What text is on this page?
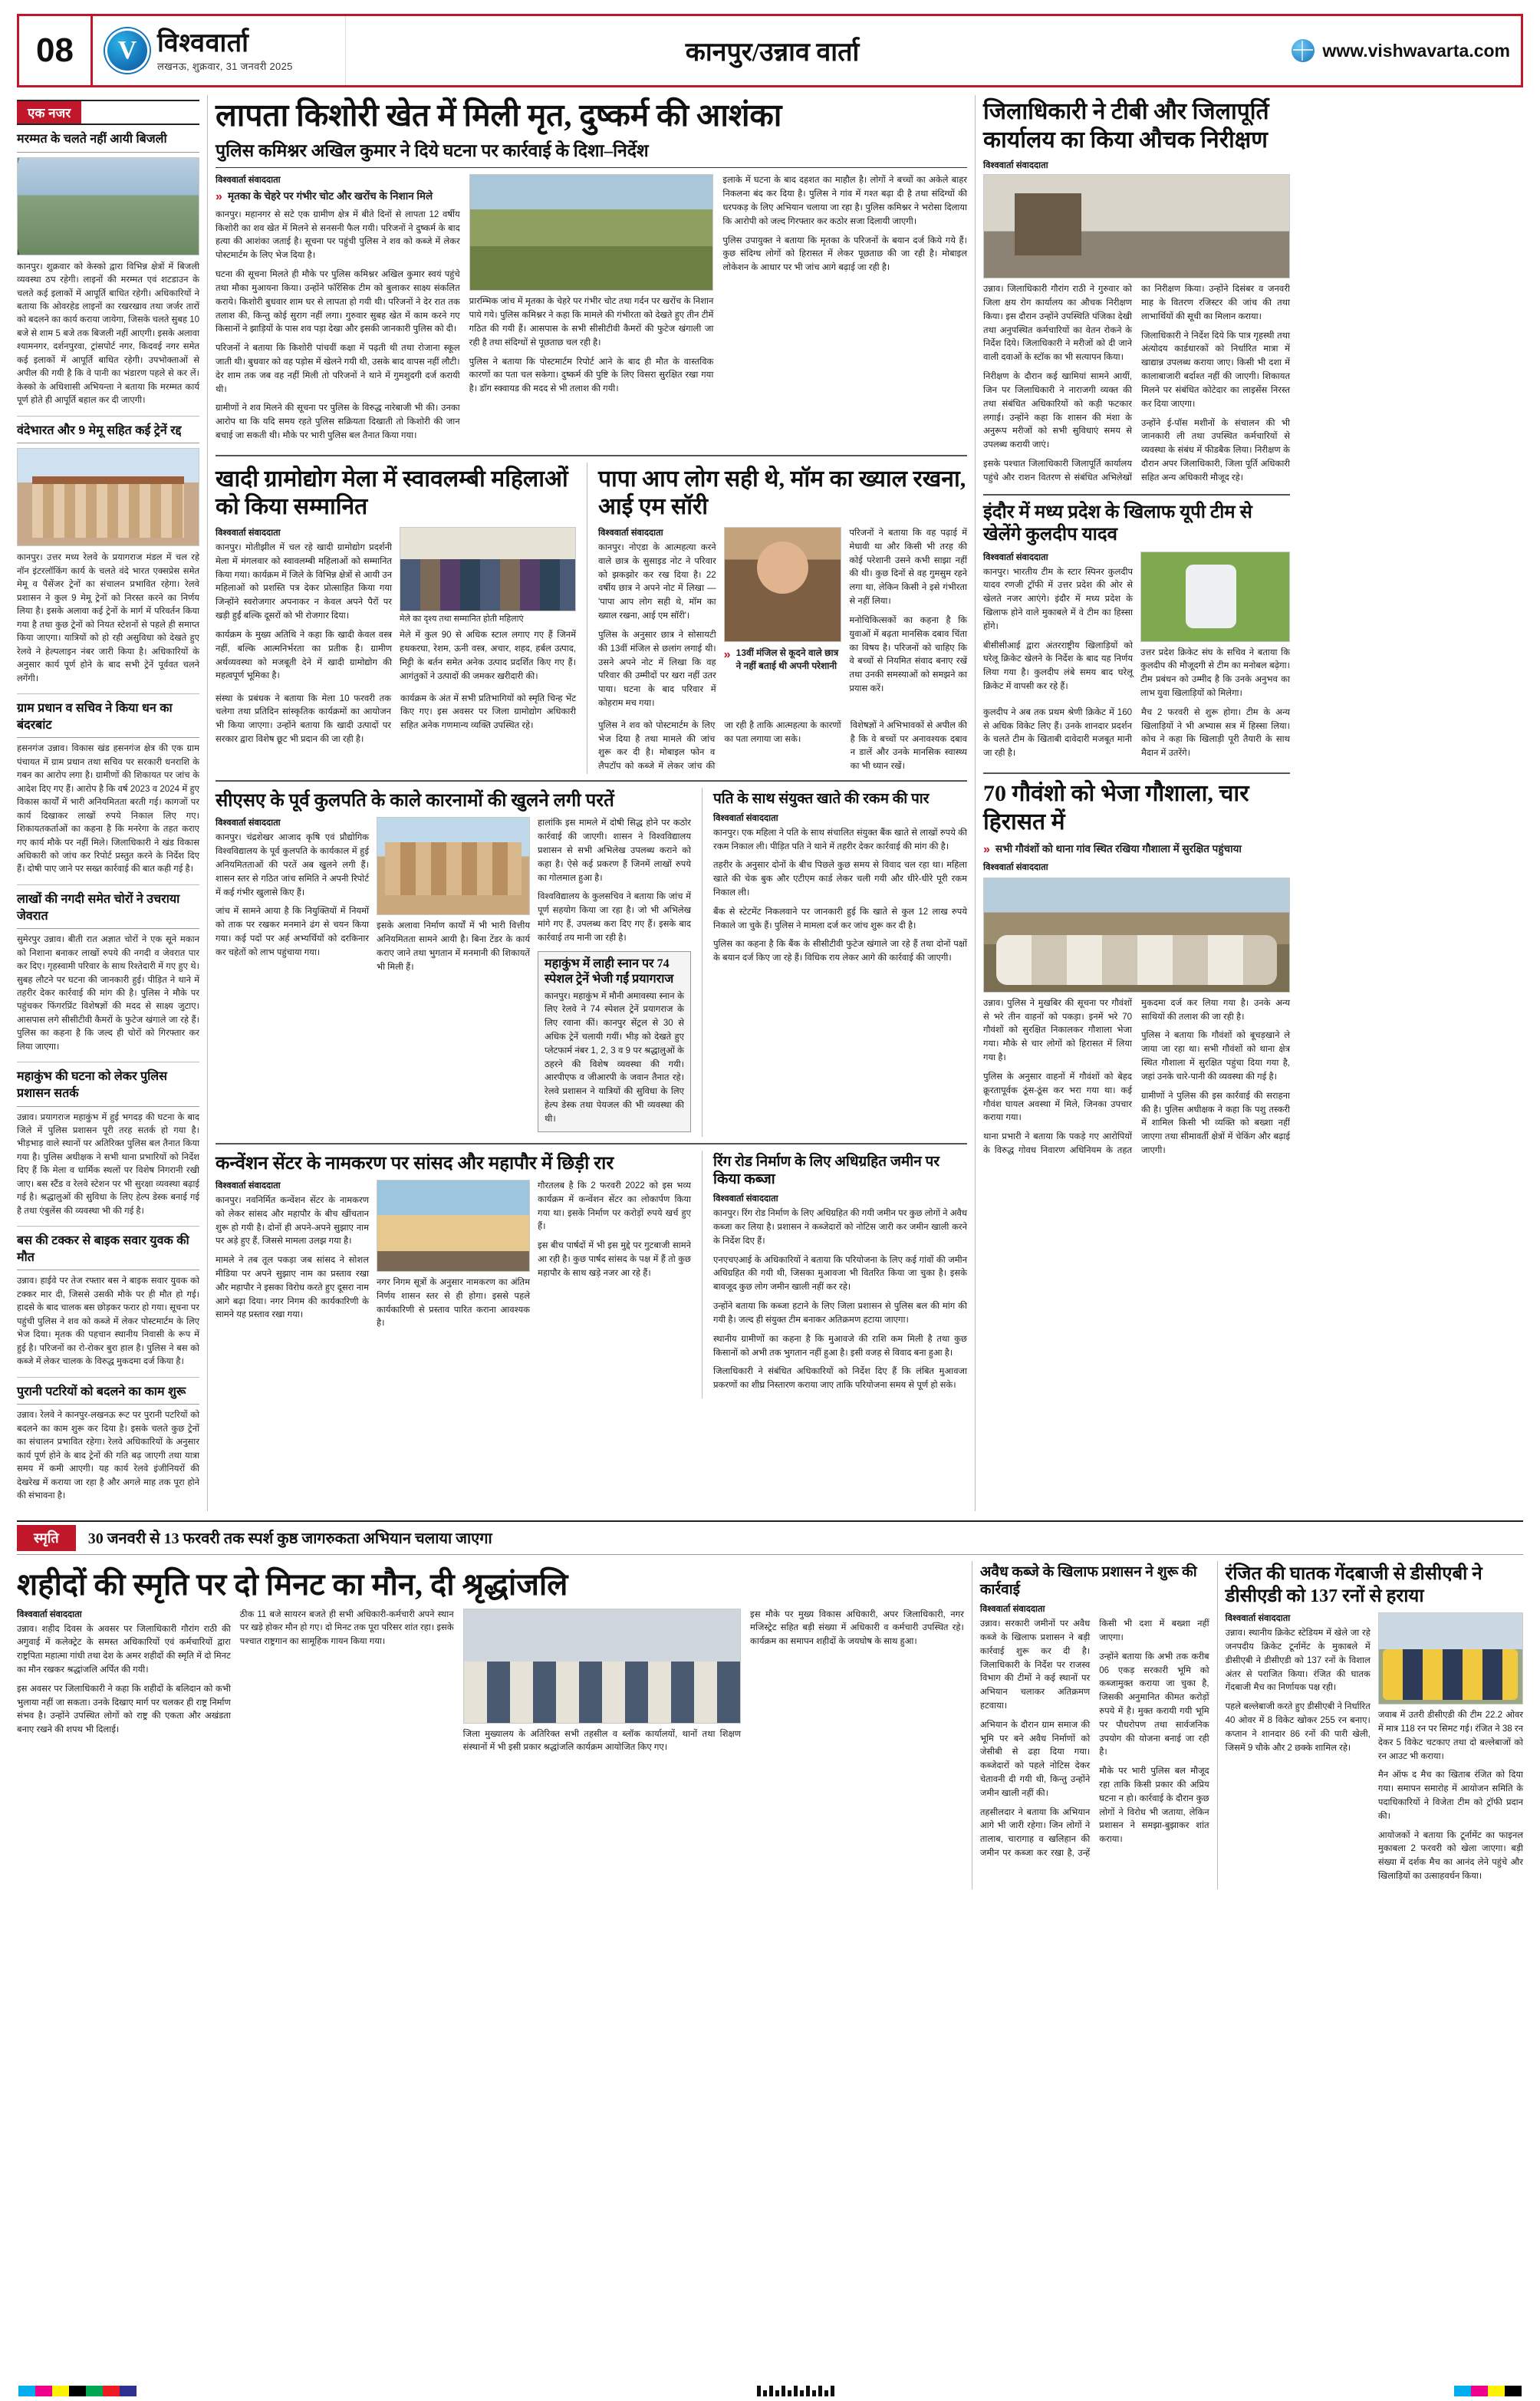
08 V	विश्ववार्ता
लखनऊ, शुक्रवार, 31 जनवरी 2025	कानपुर/उन्नाव वार्ता	www.vishwavarta.com
एक नजर
मरम्मत के चलते नहीं आयी बिजली
कानपुर। शुक्रवार को केस्को द्वारा विभिन्न क्षेत्रों में बिजली व्यवस्था ठप रहेगी। लाइनों की मरम्मत एवं शटडाउन के चलते कई इलाकों में आपूर्ति बाधित रहेगी। अधिकारियों ने बताया कि ओवरहेड लाइनों का रखरखाव तथा जर्जर तारों को बदलने का कार्य कराया जायेगा, जिसके चलते सुबह 10 बजे से शाम 5 बजे तक बिजली नहीं आएगी। इसके अलावा श्यामनगर, दर्शनपुरवा, ट्रांसपोर्ट नगर, किदवई नगर समेत कई इलाकों में आपूर्ति बाधित रहेगी। उपभोक्ताओं से अपील की गयी है कि वे पानी का भंडारण पहले से कर लें। केस्को के अधिशासी अभियन्ता ने बताया कि मरम्मत कार्य पूर्ण होते ही आपूर्ति बहाल कर दी जाएगी।
वंदेभारत और 9 मेमू सहित कई ट्रेनें रद्द
कानपुर। उत्तर मध्य रेलवे के प्रयागराज मंडल में चल रहे नॉन इंटरलॉकिंग कार्य के चलते वंदे भारत एक्सप्रेस समेत मेमू व पैसेंजर ट्रेनों का संचालन प्रभावित रहेगा। रेलवे प्रशासन ने कुल 9 मेमू ट्रेनों को निरस्त करने का निर्णय लिया है। इसके अलावा कई ट्रेनों के मार्ग में परिवर्तन किया गया है तथा कुछ ट्रेनों को नियत स्टेशनों से पहले ही समाप्त किया जाएगा। यात्रियों को हो रही असुविधा को देखते हुए रेलवे ने हेल्पलाइन नंबर जारी किया है। अधिकारियों के अनुसार कार्य पूर्ण होने के बाद सभी ट्रेनें पूर्ववत चलने लगेंगी।
ग्राम प्रधान व सचिव ने किया धन का बंदरबांट
हसनगंज उन्नाव। विकास खंड हसनगंज क्षेत्र की एक ग्राम पंचायत में ग्राम प्रधान तथा सचिव पर सरकारी धनराशि के गबन का आरोप लगा है। ग्रामीणों की शिकायत पर जांच के आदेश दिए गए हैं। आरोप है कि वर्ष 2023 व 2024 में हुए विकास कार्यों में भारी अनियमितता बरती गई। कागजों पर कार्य दिखाकर लाखों रुपये निकाल लिए गए। शिकायतकर्ताओं का कहना है कि मनरेगा के तहत कराए गए कार्य मौके पर नहीं मिले। जिलाधिकारी ने खंड विकास अधिकारी को जांच कर रिपोर्ट प्रस्तुत करने के निर्देश दिए हैं। दोषी पाए जाने पर सख्त कार्रवाई की बात कही गई है।
लाखों की नगदी समेत चोरों ने उचराया जेवरात
सुमेरपुर उन्नाव। बीती रात अज्ञात चोरों ने एक सूने मकान को निशाना बनाकर लाखों रुपये की नगदी व जेवरात पार कर दिए। गृहस्वामी परिवार के साथ रिश्तेदारी में गए हुए थे। सुबह लौटने पर घटना की जानकारी हुई। पीड़ित ने थाने में तहरीर देकर कार्रवाई की मांग की है। पुलिस ने मौके पर पहुंचकर फिंगरप्रिंट विशेषज्ञों की मदद से साक्ष्य जुटाए। आसपास लगे सीसीटीवी कैमरों के फुटेज खंगाले जा रहे हैं। पुलिस का कहना है कि जल्द ही चोरों को गिरफ्तार कर लिया जाएगा।
महाकुंभ की घटना को लेकर पुलिस प्रशासन सतर्क
उन्नाव। प्रयागराज महाकुंभ में हुई भगदड़ की घटना के बाद जिले में पुलिस प्रशासन पूरी तरह सतर्क हो गया है। भीड़भाड़ वाले स्थानों पर अतिरिक्त पुलिस बल तैनात किया गया है। पुलिस अधीक्षक ने सभी थाना प्रभारियों को निर्देश दिए हैं कि मेला व धार्मिक स्थलों पर विशेष निगरानी रखी जाए। बस स्टैंड व रेलवे स्टेशन पर भी सुरक्षा व्यवस्था बढ़ाई गई है। श्रद्धालुओं की सुविधा के लिए हेल्प डेस्क बनाई गई है तथा एंबुलेंस की व्यवस्था भी की गई है।
बस की टक्कर से बाइक सवार युवक की मौत
उन्नाव। हाईवे पर तेज रफ्तार बस ने बाइक सवार युवक को टक्कर मार दी, जिससे उसकी मौके पर ही मौत हो गई। हादसे के बाद चालक बस छोड़कर फरार हो गया। सूचना पर पहुंची पुलिस ने शव को कब्जे में लेकर पोस्टमार्टम के लिए भेज दिया। मृतक की पहचान स्थानीय निवासी के रूप में हुई है। परिजनों का रो-रोकर बुरा हाल है। पुलिस ने बस को कब्जे में लेकर चालक के विरुद्ध मुकदमा दर्ज किया है।
पुरानी पटरियों को बदलने का काम शुरू
उन्नाव। रेलवे ने कानपुर-लखनऊ रूट पर पुरानी पटरियों को बदलने का काम शुरू कर दिया है। इसके चलते कुछ ट्रेनों का संचालन प्रभावित रहेगा। रेलवे अधिकारियों के अनुसार कार्य पूर्ण होने के बाद ट्रेनों की गति बढ़ जाएगी तथा यात्रा समय में कमी आएगी। यह कार्य रेलवे इंजीनियरों की देखरेख में कराया जा रहा है और अगले माह तक पूरा होने की संभावना है।
लापता किशोरी खेत में मिली मृत, दुष्कर्म की आशंका
पुलिस कमिश्नर अखिल कुमार ने दिये घटना पर कार्रवाई के दिशा–निर्देश
विश्ववार्ता संवाददाता
» मृतका के चेहरे पर गंभीर चोट और खरोंच के निशान मिले

कानपुर। महानगर से सटे एक ग्रामीण क्षेत्र में बीते दिनों से लापता 12 वर्षीय किशोरी का शव खेत में मिलने से सनसनी फैल गयी। परिजनों ने दुष्कर्म के बाद हत्या की आशंका जताई है। सूचना पर पहुंची पुलिस ने शव को कब्जे में लेकर पोस्टमार्टम के लिए भेज दिया है।

घटना की सूचना मिलते ही मौके पर पुलिस कमिश्नर अखिल कुमार स्वयं पहुंचे तथा मौका मुआयना किया। उन्होंने फॉरेंसिक टीम को बुलाकर साक्ष्य संकलित कराये। किशोरी बुधवार शाम घर से लापता हो गयी थी। परिजनों ने देर रात तक तलाश की, किन्तु कोई सुराग नहीं लगा। गुरुवार सुबह खेत में काम करने गए किसानों ने झाड़ियों के पास शव पड़ा देखा और इसकी जानकारी पुलिस को दी।

परिजनों ने बताया कि किशोरी पांचवीं कक्षा में पढ़ती थी तथा रोजाना स्कूल जाती थी। बुधवार को वह पड़ोस में खेलने गयी थी, उसके बाद वापस नहीं लौटी। देर शाम तक जब वह नहीं मिली तो परिजनों ने थाने में गुमशुदगी दर्ज करायी थी।

ग्रामीणों ने शव मिलने की सूचना पर पुलिस के विरुद्ध नारेबाजी भी की। उनका आरोप था कि यदि समय रहते पुलिस सक्रियता दिखाती तो किशोरी की जान बचाई जा सकती थी। मौके पर भारी पुलिस बल तैनात किया गया।

प्रारम्भिक जांच में मृतका के चेहरे पर गंभीर चोट तथा गर्दन पर खरोंच के निशान पाये गये। पुलिस कमिश्नर ने कहा कि मामले की गंभीरता को देखते हुए तीन टीमें गठित की गयी हैं। आसपास के सभी सीसीटीवी कैमरों की फुटेज खंगाली जा रही है तथा संदिग्धों से पूछताछ चल रही है।

पुलिस ने बताया कि पोस्टमार्टम रिपोर्ट आने के बाद ही मौत के वास्तविक कारणों का पता चल सकेगा। दुष्कर्म की पुष्टि के लिए विसरा सुरक्षित रखा गया है। डॉग स्क्वायड की मदद से भी तलाश की गयी।

इलाके में घटना के बाद दहशत का माहौल है। लोगों ने बच्चों का अकेले बाहर निकलना बंद कर दिया है। पुलिस ने गांव में गश्त बढ़ा दी है तथा संदिग्धों की धरपकड़ के लिए अभियान चलाया जा रहा है। पुलिस कमिश्नर ने भरोसा दिलाया कि आरोपी को जल्द गिरफ्तार कर कठोर सजा दिलायी जाएगी।

पुलिस उपायुक्त ने बताया कि मृतका के परिजनों के बयान दर्ज किये गये हैं। कुछ संदिग्ध लोगों को हिरासत में लेकर पूछताछ की जा रही है। मोबाइल लोकेशन के आधार पर भी जांच आगे बढ़ाई जा रही है।

खादी ग्रामोद्योग मेला में स्वावलम्बी महिलाओं को किया सम्मानित
विश्ववार्ता संवाददाता

कानपुर। मोतीझील में चल रहे खादी ग्रामोद्योग प्रदर्शनी मेला में मंगलवार को स्वावलम्बी महिलाओं को सम्मानित किया गया। कार्यक्रम में जिले के विभिन्न क्षेत्रों से आयी उन महिलाओं को प्रशस्ति पत्र देकर प्रोत्साहित किया गया जिन्होंने स्वरोजगार अपनाकर न केवल अपने पैरों पर खड़ी हुईं बल्कि दूसरों को भी रोजगार दिया।

कार्यक्रम के मुख्य अतिथि ने कहा कि खादी केवल वस्त्र नहीं, बल्कि आत्मनिर्भरता का प्रतीक है। ग्रामीण अर्थव्यवस्था को मजबूती देने में खादी ग्रामोद्योग की महत्वपूर्ण भूमिका है।

मेले का दृश्य तथा सम्मानित होती महिलाएं

मेले में कुल 90 से अधिक स्टाल लगाए गए हैं जिनमें हथकरघा, रेशम, ऊनी वस्त्र, अचार, शहद, हर्बल उत्पाद, मिट्टी के बर्तन समेत अनेक उत्पाद प्रदर्शित किए गए हैं। आगंतुकों ने उत्पादों की जमकर खरीदारी की।

संस्था के प्रबंधक ने बताया कि मेला 10 फरवरी तक चलेगा तथा प्रतिदिन सांस्कृतिक कार्यक्रमों का आयोजन भी किया जाएगा। उन्होंने बताया कि खादी उत्पादों पर सरकार द्वारा विशेष छूट भी प्रदान की जा रही है।

कार्यक्रम के अंत में सभी प्रतिभागियों को स्मृति चिन्ह भेंट किए गए। इस अवसर पर जिला ग्रामोद्योग अधिकारी सहित अनेक गणमान्य व्यक्ति उपस्थित रहे।

पापा आप लोग सही थे, मॉम का ख्याल रखना, आई एम सॉरी
विश्ववार्ता संवाददाता

कानपुर। नोएडा के आत्महत्या करने वाले छात्र के सुसाइड नोट ने परिवार को झकझोर कर रख दिया है। 22 वर्षीय छात्र ने अपने नोट में लिखा — 'पापा आप लोग सही थे, मॉम का ख्याल रखना, आई एम सॉरी'।

पुलिस के अनुसार छात्र ने सोसायटी की 13वीं मंजिल से छलांग लगाई थी। उसने अपने नोट में लिखा कि वह परिवार की उम्मीदों पर खरा नहीं उतर पाया। घटना के बाद परिवार में कोहराम मच गया।

» 13वीं मंजिल से कूदने वाले छात्र ने नहीं बताई थी अपनी परेशानी

परिजनों ने बताया कि वह पढ़ाई में मेधावी था और किसी भी तरह की कोई परेशानी उसने कभी साझा नहीं की थी। कुछ दिनों से वह गुमसुम रहने लगा था, लेकिन किसी ने इसे गंभीरता से नहीं लिया।

मनोचिकित्सकों का कहना है कि युवाओं में बढ़ता मानसिक दबाव चिंता का विषय है। परिजनों को चाहिए कि वे बच्चों से नियमित संवाद बनाए रखें तथा उनकी समस्याओं को समझने का प्रयास करें।

पुलिस ने शव को पोस्टमार्टम के लिए भेज दिया है तथा मामले की जांच शुरू कर दी है। मोबाइल फोन व लैपटॉप को कब्जे में लेकर जांच की जा रही है ताकि आत्महत्या के कारणों का पता लगाया जा सके।

विशेषज्ञों ने अभिभावकों से अपील की है कि वे बच्चों पर अनावश्यक दबाव न डालें और उनके मानसिक स्वास्थ्य का भी ध्यान रखें।

सीएसए के पूर्व कुलपति के काले कारनामों की खुलने लगी परतें
विश्ववार्ता संवाददाता

कानपुर। चंद्रशेखर आजाद कृषि एवं प्रौद्योगिक विश्वविद्यालय के पूर्व कुलपति के कार्यकाल में हुई अनियमितताओं की परतें अब खुलने लगी हैं। शासन स्तर से गठित जांच समिति ने अपनी रिपोर्ट में कई गंभीर खुलासे किए हैं।

जांच में सामने आया है कि नियुक्तियों में नियमों को ताक पर रखकर मनमाने ढंग से चयन किया गया। कई पदों पर अर्ह अभ्यर्थियों को दरकिनार कर चहेतों को लाभ पहुंचाया गया।

इसके अलावा निर्माण कार्यों में भी भारी वित्तीय अनियमितता सामने आयी है। बिना टेंडर के कार्य कराए जाने तथा भुगतान में मनमानी की शिकायतें भी मिली हैं।

हालांकि इस मामले में दोषी सिद्ध होने पर कठोर कार्रवाई की जाएगी। शासन ने विश्वविद्यालय प्रशासन से सभी अभिलेख उपलब्ध कराने को कहा है। ऐसे कई प्रकरण हैं जिनमें लाखों रुपये का गोलमाल हुआ है।

विश्वविद्यालय के कुलसचिव ने बताया कि जांच में पूर्ण सहयोग किया जा रहा है। जो भी अभिलेख मांगे गए हैं, उपलब्ध करा दिए गए हैं। इसके बाद कार्रवाई तय मानी जा रही है।

महाकुंभ में लाही स्नान पर 74 स्पेशल ट्रेनें भेजी गईं प्रयागराज
कानपुर। महाकुंभ में मौनी अमावस्या स्नान के लिए रेलवे ने 74 स्पेशल ट्रेनें प्रयागराज के लिए रवाना कीं। कानपुर सेंट्रल से 30 से अधिक ट्रेनें चलायी गयीं। भीड़ को देखते हुए प्लेटफार्म नंबर 1, 2, 3 व 9 पर श्रद्धालुओं के ठहरने की विशेष व्यवस्था की गयी। आरपीएफ व जीआरपी के जवान तैनात रहे। रेलवे प्रशासन ने यात्रियों की सुविधा के लिए हेल्प डेस्क तथा पेयजल की भी व्यवस्था की थी।
पति के साथ संयुक्त खाते की रकम की पार
विश्ववार्ता संवाददाता

कानपुर। एक महिला ने पति के साथ संचालित संयुक्त बैंक खाते से लाखों रुपये की रकम निकाल ली। पीड़ित पति ने थाने में तहरीर देकर कार्रवाई की मांग की है।

तहरीर के अनुसार दोनों के बीच पिछले कुछ समय से विवाद चल रहा था। महिला खाते की चेक बुक और एटीएम कार्ड लेकर चली गयी और धीरे-धीरे पूरी रकम निकाल ली।

बैंक से स्टेटमेंट निकलवाने पर जानकारी हुई कि खाते से कुल 12 लाख रुपये निकाले जा चुके हैं। पुलिस ने मामला दर्ज कर जांच शुरू कर दी है।

पुलिस का कहना है कि बैंक के सीसीटीवी फुटेज खंगाले जा रहे हैं तथा दोनों पक्षों के बयान दर्ज किए जा रहे हैं। विधिक राय लेकर आगे की कार्रवाई की जाएगी।

कन्वेंशन सेंटर के नामकरण पर सांसद और महापौर में छिड़ी रार
विश्ववार्ता संवाददाता

कानपुर। नवनिर्मित कन्वेंशन सेंटर के नामकरण को लेकर सांसद और महापौर के बीच खींचतान शुरू हो गयी है। दोनों ही अपने-अपने सुझाए नाम पर अड़े हुए हैं, जिससे मामला उलझ गया है।

मामले ने तब तूल पकड़ा जब सांसद ने सोशल मीडिया पर अपने सुझाए नाम का प्रस्ताव रखा और महापौर ने इसका विरोध करते हुए दूसरा नाम आगे बढ़ा दिया। नगर निगम की कार्यकारिणी के सामने यह प्रस्ताव रखा गया।

नगर निगम सूत्रों के अनुसार नामकरण का अंतिम निर्णय शासन स्तर से ही होगा। इससे पहले कार्यकारिणी से प्रस्ताव पारित कराना आवश्यक है।

गौरतलब है कि 2 फरवरी 2022 को इस भव्य कार्यक्रम में कन्वेंशन सेंटर का लोकार्पण किया गया था। इसके निर्माण पर करोड़ों रुपये खर्च हुए हैं।

इस बीच पार्षदों में भी इस मुद्दे पर गुटबाजी सामने आ रही है। कुछ पार्षद सांसद के पक्ष में हैं तो कुछ महापौर के साथ खड़े नजर आ रहे हैं।

रिंग रोड निर्माण के लिए अधिग्रहित जमीन पर किया कब्जा
विश्ववार्ता संवाददाता

कानपुर। रिंग रोड निर्माण के लिए अधिग्रहित की गयी जमीन पर कुछ लोगों ने अवैध कब्जा कर लिया है। प्रशासन ने कब्जेदारों को नोटिस जारी कर जमीन खाली करने के निर्देश दिए हैं।

एनएचएआई के अधिकारियों ने बताया कि परियोजना के लिए कई गांवों की जमीन अधिग्रहित की गयी थी, जिसका मुआवजा भी वितरित किया जा चुका है। इसके बावजूद कुछ लोग जमीन खाली नहीं कर रहे।

उन्होंने बताया कि कब्जा हटाने के लिए जिला प्रशासन से पुलिस बल की मांग की गयी है। जल्द ही संयुक्त टीम बनाकर अतिक्रमण हटाया जाएगा।

स्थानीय ग्रामीणों का कहना है कि मुआवजे की राशि कम मिली है तथा कुछ किसानों को अभी तक भुगतान नहीं हुआ है। इसी वजह से विवाद बना हुआ है।

जिलाधिकारी ने संबंधित अधिकारियों को निर्देश दिए हैं कि लंबित मुआवजा प्रकरणों का शीघ्र निस्तारण कराया जाए ताकि परियोजना समय से पूर्ण हो सके।

जिलाधिकारी ने टीबी और जिलापूर्ति कार्यालय का किया औचक निरीक्षण
विश्ववार्ता संवाददाता

उन्नाव। जिलाधिकारी गौरांग राठी ने गुरुवार को जिला क्षय रोग कार्यालय का औचक निरीक्षण किया। इस दौरान उन्होंने उपस्थिति पंजिका देखी तथा अनुपस्थित कर्मचारियों का वेतन रोकने के निर्देश दिये। जिलाधिकारी ने मरीजों को दी जाने वाली दवाओं के स्टॉक का भी सत्यापन किया।

निरीक्षण के दौरान कई खामियां सामने आयीं, जिन पर जिलाधिकारी ने नाराजगी व्यक्त की तथा संबंधित अधिकारियों को कड़ी फटकार लगाई। उन्होंने कहा कि शासन की मंशा के अनुरूप मरीजों को सभी सुविधाएं समय से उपलब्ध करायी जाएं।

इसके पश्चात जिलाधिकारी जिलापूर्ति कार्यालय पहुंचे और राशन वितरण से संबंधित अभिलेखों का निरीक्षण किया। उन्होंने दिसंबर व जनवरी माह के वितरण रजिस्टर की जांच की तथा लाभार्थियों की सूची का मिलान कराया।

जिलाधिकारी ने निर्देश दिये कि पात्र गृहस्थी तथा अंत्योदय कार्डधारकों को निर्धारित मात्रा में खाद्यान्न उपलब्ध कराया जाए। किसी भी दशा में कालाबाजारी बर्दाश्त नहीं की जाएगी। शिकायत मिलने पर संबंधित कोटेदार का लाइसेंस निरस्त कर दिया जाएगा।

उन्होंने ई-पॉस मशीनों के संचालन की भी जानकारी ली तथा उपस्थित कर्मचारियों से व्यवस्था के संबंध में फीडबैक लिया। निरीक्षण के दौरान अपर जिलाधिकारी, जिला पूर्ति अधिकारी सहित अन्य अधिकारी मौजूद रहे।

इंदौर में मध्य प्रदेश के खिलाफ यूपी टीम से खेलेंगे कुलदीप यादव
विश्ववार्ता संवाददाता

कानपुर। भारतीय टीम के स्टार स्पिनर कुलदीप यादव रणजी ट्रॉफी में उत्तर प्रदेश की ओर से खेलते नजर आएंगे। इंदौर में मध्य प्रदेश के खिलाफ होने वाले मुकाबले में वे टीम का हिस्सा होंगे।

बीसीसीआई द्वारा अंतरराष्ट्रीय खिलाड़ियों को घरेलू क्रिकेट खेलने के निर्देश के बाद यह निर्णय लिया गया है। कुलदीप लंबे समय बाद घरेलू क्रिकेट में वापसी कर रहे हैं।

उत्तर प्रदेश क्रिकेट संघ के सचिव ने बताया कि कुलदीप की मौजूदगी से टीम का मनोबल बढ़ेगा। टीम प्रबंधन को उम्मीद है कि उनके अनुभव का लाभ युवा खिलाड़ियों को मिलेगा।

कुलदीप ने अब तक प्रथम श्रेणी क्रिकेट में 160 से अधिक विकेट लिए हैं। उनके शानदार प्रदर्शन के चलते टीम के खिताबी दावेदारी मजबूत मानी जा रही है।

मैच 2 फरवरी से शुरू होगा। टीम के अन्य खिलाड़ियों ने भी अभ्यास सत्र में हिस्सा लिया। कोच ने कहा कि खिलाड़ी पूरी तैयारी के साथ मैदान में उतरेंगे।

70 गौवंशो को भेजा गौशाला, चार हिरासत में
» सभी गौवंशों को थाना गांव स्थित रखिया गौशाला में सुरक्षित पहुंचाया
विश्ववार्ता संवाददाता

उन्नाव। पुलिस ने मुखबिर की सूचना पर गौवंशों से भरे तीन वाहनों को पकड़ा। इनमें भरे 70 गौवंशों को सुरक्षित निकालकर गौशाला भेजा गया। मौके से चार लोगों को हिरासत में लिया गया है।

पुलिस के अनुसार वाहनों में गौवंशों को बेहद क्रूरतापूर्वक ठूंस-ठूंस कर भरा गया था। कई गौवंश घायल अवस्था में मिले, जिनका उपचार कराया गया।

थाना प्रभारी ने बताया कि पकड़े गए आरोपियों के विरुद्ध गोवध निवारण अधिनियम के तहत मुकदमा दर्ज कर लिया गया है। उनके अन्य साथियों की तलाश की जा रही है।

पुलिस ने बताया कि गौवंशों को बूचड़खाने ले जाया जा रहा था। सभी गौवंशों को थाना क्षेत्र स्थित गौशाला में सुरक्षित पहुंचा दिया गया है, जहां उनके चारे-पानी की व्यवस्था की गई है।

ग्रामीणों ने पुलिस की इस कार्रवाई की सराहना की है। पुलिस अधीक्षक ने कहा कि पशु तस्करी में शामिल किसी भी व्यक्ति को बख्शा नहीं जाएगा तथा सीमावर्ती क्षेत्रों में चेकिंग और बढ़ाई जाएगी।

स्मृति	30 जनवरी से 13 फरवरी तक स्पर्श कुष्ठ जागरुकता अभियान चलाया जाएगा
शहीदों की स्मृति पर दो मिनट का मौन, दी श्रृद्धांजलि
विश्ववार्ता संवाददाता

उन्नाव। शहीद दिवस के अवसर पर जिलाधिकारी गौरांग राठी की अगुवाई में कलेक्ट्रेट के समस्त अधिकारियों एवं कर्मचारियों द्वारा राष्ट्रपिता महात्मा गांधी तथा देश के अमर शहीदों की स्मृति में दो मिनट का मौन रखकर श्रद्धांजलि अर्पित की गयी।

इस अवसर पर जिलाधिकारी ने कहा कि शहीदों के बलिदान को कभी भुलाया नहीं जा सकता। उनके दिखाए मार्ग पर चलकर ही राष्ट्र निर्माण संभव है। उन्होंने उपस्थित लोगों को राष्ट्र की एकता और अखंडता बनाए रखने की शपथ भी दिलाई।

ठीक 11 बजे सायरन बजते ही सभी अधिकारी-कर्मचारी अपने स्थान पर खड़े होकर मौन हो गए। दो मिनट तक पूरा परिसर शांत रहा। इसके पश्चात राष्ट्रगान का सामूहिक गायन किया गया।

जिला मुख्यालय के अतिरिक्त सभी तहसील व ब्लॉक कार्यालयों, थानों तथा शिक्षण संस्थानों में भी इसी प्रकार श्रद्धांजलि कार्यक्रम आयोजित किए गए।

इस मौके पर मुख्य विकास अधिकारी, अपर जिलाधिकारी, नगर मजिस्ट्रेट सहित बड़ी संख्या में अधिकारी व कर्मचारी उपस्थित रहे। कार्यक्रम का समापन शहीदों के जयघोष के साथ हुआ।

अवैध कब्जे के खिलाफ प्रशासन ने शुरू की कार्रवाई
विश्ववार्ता संवाददाता

उन्नाव। सरकारी जमीनों पर अवैध कब्जे के खिलाफ प्रशासन ने बड़ी कार्रवाई शुरू कर दी है। जिलाधिकारी के निर्देश पर राजस्व विभाग की टीमों ने कई स्थानों पर अभियान चलाकर अतिक्रमण हटवाया।

अभियान के दौरान ग्राम समाज की भूमि पर बने अवैध निर्माणों को जेसीबी से ढहा दिया गया। कब्जेदारों को पहले नोटिस देकर चेतावनी दी गयी थी, किन्तु उन्होंने जमीन खाली नहीं की।

तहसीलदार ने बताया कि अभियान आगे भी जारी रहेगा। जिन लोगों ने तालाब, चारागाह व खलिहान की जमीन पर कब्जा कर रखा है, उन्हें किसी भी दशा में बख्शा नहीं जाएगा।

उन्होंने बताया कि अभी तक करीब 06 एकड़ सरकारी भूमि को कब्जामुक्त कराया जा चुका है, जिसकी अनुमानित कीमत करोड़ों रुपये में है। मुक्त करायी गयी भूमि पर पौधरोपण तथा सार्वजनिक उपयोग की योजना बनाई जा रही है।

मौके पर भारी पुलिस बल मौजूद रहा ताकि किसी प्रकार की अप्रिय घटना न हो। कार्रवाई के दौरान कुछ लोगों ने विरोध भी जताया, लेकिन प्रशासन ने समझा-बुझाकर शांत कराया।

रंजित की घातक गेंदबाजी से डीसीएबी ने डीसीएडी को 137 रनों से हराया
विश्ववार्ता संवाददाता

उन्नाव। स्थानीय क्रिकेट स्टेडियम में खेले जा रहे जनपदीय क्रिकेट टूर्नामेंट के मुकाबले में डीसीएबी ने डीसीएडी को 137 रनों के विशाल अंतर से पराजित किया। रंजित की घातक गेंदबाजी मैच का निर्णायक पक्ष रही।

पहले बल्लेबाजी करते हुए डीसीएबी ने निर्धारित 40 ओवर में 8 विकेट खोकर 255 रन बनाए। कप्तान ने शानदार 86 रनों की पारी खेली, जिसमें 9 चौके और 2 छक्के शामिल रहे।

जवाब में उतरी डीसीएडी की टीम 22.2 ओवर में मात्र 118 रन पर सिमट गई। रंजित ने 38 रन देकर 5 विकेट चटकाए तथा दो बल्लेबाजों को रन आउट भी कराया।

मैन ऑफ द मैच का खिताब रंजित को दिया गया। समापन समारोह में आयोजन समिति के पदाधिकारियों ने विजेता टीम को ट्रॉफी प्रदान की।

आयोजकों ने बताया कि टूर्नामेंट का फाइनल मुकाबला 2 फरवरी को खेला जाएगा। बड़ी संख्या में दर्शक मैच का आनंद लेने पहुंचे और खिलाड़ियों का उत्साहवर्धन किया।
